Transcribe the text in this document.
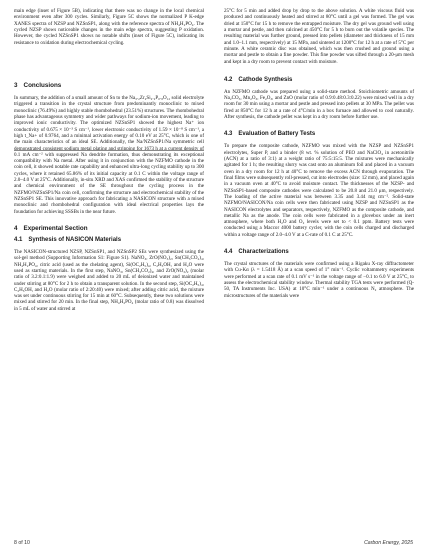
main edge (inset of Figure 5B), indicating that there was no change in the local chemical environment even after 300 cycles. Similarly, Figure 5C shows the normalized P K-edge XANES spectra of NZSP and NZSnSP1, along with the reference spectra of NH₄H₂PO₄. The cycled NZSP shows noticeable changes in the main edge spectra, suggesting P oxidation. However, the cycled NZSnSP1 shows no notable shifts (inset of Figure 5C), indicating its resistance to oxidation during electrochemical cycling.

3 Conclusions

In summary, the addition of a small amount of Sn to the Na₃.₂Zr₂Si₂.₂P₀.₈O₁₂ solid electrolyte triggered a transition in the crystal structure from predominantly monoclinic to mixed monoclinic (76.49%) and highly stable rhombohedral (23.51%) structures. The rhombohedral phase has advantageous symmetry and wider pathways for sodium-ion movement, leading to improved ionic conductivity. The optimized NZSnSP1 showed the highest Na⁺ ion conductivity of 0.675 × 10⁻³ S cm⁻¹, lower electronic conductivity of 1.59 × 10⁻⁸ S cm⁻¹, a high t_Na+ of 0.9764, and a minimal activation energy of 0.10 eV at 25°C, which is one of the main characteristics of an ideal SE. Additionally, the Na/NZSnSP1/Na symmetric cell demonstrated consistent sodium metal plating and stripping for 1673 h at a current density of 0.1 mA cm⁻² with suppressed Na dendrite formation, thus demonstrating its exceptional compatibility with Na metal. After using it in conjunction with the NZFMO cathode in the coin cell, it showed notable rate capability and enhanced ultra-long cycling stability up to 300 cycles, where it retained 65.86% of its initial capacity at 0.1 C within the voltage range of 2.0–4.0 V at 25°C. Additionally, in-situ XRD and XAS confirmed the stability of the structure and chemical environment of the SE throughout the cycling process in the NZFMO/NZSnSP1/Na coin cell, confirming the structure and electrochemical stability of the NZSnSP1 SE. This innovative approach for fabricating a NASICON structure with a mixed monoclinic and rhombohedral configuration with ideal electrical properties lays the foundation for achieving SSSBs in the near future.

4 Experimental Section
4.1 Synthesis of NASICON Materials

The NASICON-structured NZSP, NZSnSP1, and NZSnSP2 SEs were synthesized using the sol-gel method (Supporting Information S1: Figure S1). NaNO₃, ZrO(NO₃)₂, Sn(CH₃CO₂)₄, NH₄H₂PO₄, citric acid (used as the chelating agent), Si(OC₂H₅)₄, C₂H₅OH, and H₂O were used as starting materials. In the first step, NaNO₃, Sn(CH₃CO₂)₄, and ZrO(NO₃)₂ (molar ratio of 3.2:0.1:1.9) were weighed and added to 20 mL of deionized water and maintained under stirring at 80°C for 2 h to obtain a transparent solution. In the second step, Si(OC₂H₅)₄, C₂H₅OH, and H₂O (molar ratio of 2:20:40) were mixed; after adding citric acid, the mixture was set under continuous stirring for 15 min at 60°C. Subsequently, these two solutions were mixed and stirred for 20 min. In the final step, NH₄H₂PO₄ (molar ratio of 0.8) was dissolved in 5 mL of water and stirred at

25°C for 5 min and added drop by drop to the above solution. A white viscous fluid was produced and continuously heated and stirred at 80°C until a gel was formed. The gel was dried at 150°C for 15 h to remove the entrapped moisture. The dry gel was ground well using a mortar and pestle, and then calcined at 450°C for 5 h to burn out the volatile species. The resulting material was further ground, pressed into pellets (diameter and thickness of 15 mm and 1.0–1.1 mm, respectively) at 15 MPa, and sintered at 1200°C for 12 h at a rate of 5°C per minute. A white ceramic disc was obtained, which was then crushed and ground using a mortar and pestle to obtain a fine powder. This fine powder was sifted through a 20-μm mesh and kept in a dry room to prevent contact with moisture.

4.2 Cathode Synthesis

An NZFMO cathode was prepared using a solid-state method. Stoichiometric amounts of Na₂CO₃, Mn₂O₃, Fe₂O₃, and ZnO (molar ratio of 0.9:0.48:0.3:0.22) were mixed well in a dry room for 30 min using a mortar and pestle and pressed into pellets at 30 MPa. The pellet was fired at 850°C for 12 h at a rate of 4°C/min in a box furnace and allowed to cool naturally. After synthesis, the cathode pellet was kept in a dry room before further use.

4.3 Evaluation of Battery Tests

To prepare the composite cathode, NZFMO was mixed with the NZSP and NZSnSP1 electrolytes, Super P, and a binder (8 wt. % solution of PEO and NaClO₄ in acetonitrile (ACN) at a ratio of 3:1) at a weight ratio of 75:5:15:5. The mixtures were mechanically agitated for 1 h; the resulting slurry was cast onto an aluminum foil and placed in a vacuum oven in a dry room for 12 h at 40°C to remove the excess ACN through evaporation. The final films were subsequently roll-pressed, cut into electrodes (size: 12 mm), and placed again in a vacuum oven at 40°C to avoid moisture contact. The thicknesses of the NZSP- and NZSnSP1-based composite cathodes were calculated to be 20.8 and 21.0 μm, respectively. The loading of the active material was between 3.35 and 3.44 mg cm⁻². Solid-state NZFMO/NASICON/Na coin cells were then fabricated using NZSP and NZSnSP1 as the NASICON electrolytes and separators, respectively, NZFMO as the composite cathode, and metallic Na as the anode. The coin cells were fabricated in a glovebox under an inert atmosphere, where both H₂O and O₂ levels were set to < 0.1 ppm. Battery tests were conducted using a Maccor 4000 battery cycler, with the coin cells charged and discharged within a voltage range of 2.0–4.0 V at a C-rate of 0.1 C at 25°C.

4.4 Characterizations

The crystal structures of the materials were confirmed using a Rigaku X-ray diffractometer with Cu-Kα (λ = 1.5418 Å) at a scan speed of 1° min⁻¹. Cyclic voltammetry experiments were performed at a scan rate of 0.1 mV s⁻¹ in the voltage range of −0.1 to 6.0 V at 25°C, to assess the electrochemical stability window. Thermal stability TGA tests were performed (Q-50, TA Instruments Inc. USA) at 10°C min⁻¹ under a continuous N₂ atmosphere. The microstructures of the materials were

8 of 10	Carbon Energy, 2025
